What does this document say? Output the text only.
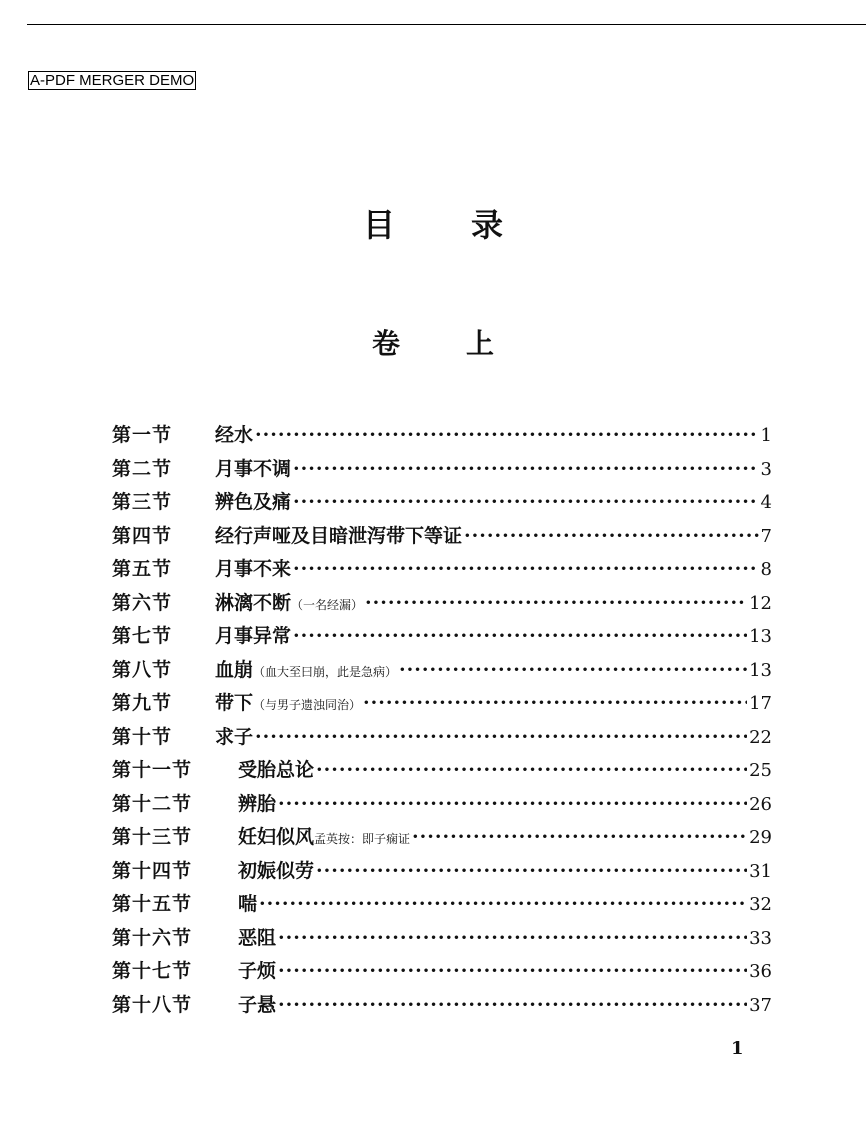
A-PDF MERGER DEMO
目 录
卷 上
第一节	经水 ·····	1
第二节	月事不调 ·····	3
第三节	辨色及痛 ·····	4
第四节	经行声哑及目暗泄泻带下等证 ·····	7
第五节	月事不来 ·····	8
第六节	淋漓不断 （一名经漏） ·····	12
第七节	月事异常 ·····	13
第八节	血崩 （血大至曰崩，此是急病） ·····	13
第九节	带下 （与男子遗浊同治） ·····	17
第十节	求子 ·····	22
第十一节	受胎总论 ·····	25
第十二节	辨胎 ·····	26
第十三节	妊妇似风 孟英按：即子痫证 ·····	29
第十四节	初娠似劳 ·····	31
第十五节	喘 ·····	32
第十六节	恶阻 ·····	33
第十七节	子烦 ·····	36
第十八节	子悬 ·····	37
1
